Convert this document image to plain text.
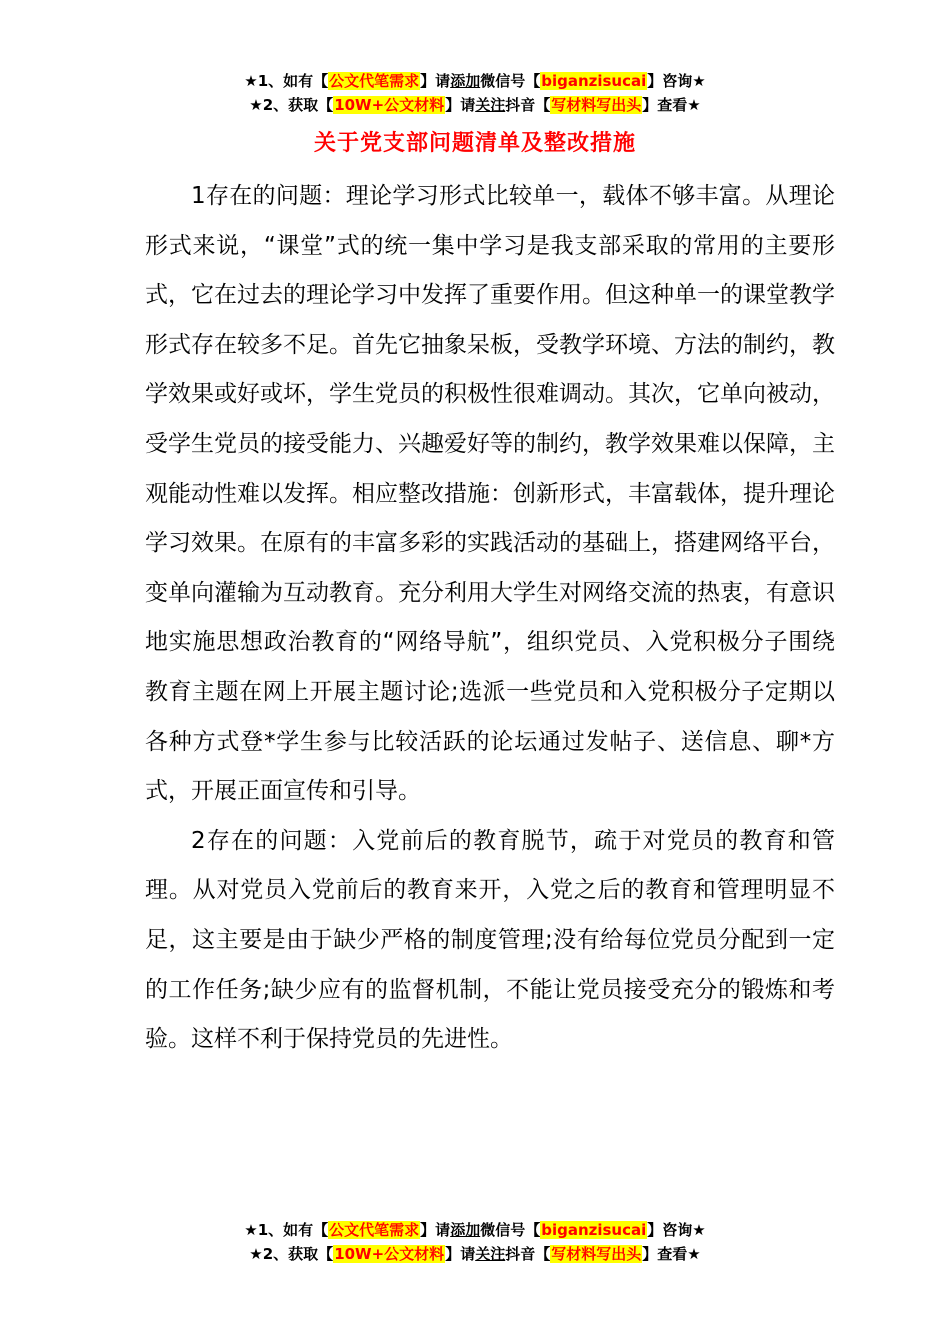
★1、如有【公文代笔需求】请添加微信号【biganzisucai】咨询★
★2、获取【10W+公文材料】请关注抖音【写材料写出头】查看★
关于党支部问题清单及整改措施

1存在的问题：理论学习形式比较单一，载体不够丰富。从理论形式来说，“课堂”式的统一集中学习是我支部采取的常用的主要形式，它在过去的理论学习中发挥了重要作用。但这种单一的课堂教学形式存在较多不足。首先它抽象呆板，受教学环境、方法的制约，教学效果或好或坏，学生党员的积极性很难调动。其次，它单向被动，受学生党员的接受能力、兴趣爱好等的制约，教学效果难以保障，主观能动性难以发挥。相应整改措施：创新形式，丰富载体，提升理论学习效果。在原有的丰富多彩的实践活动的基础上，搭建网络平台，变单向灌输为互动教育。充分利用大学生对网络交流的热衷，有意识地实施思想政治教育的“网络导航”，组织党员、入党积极分子围绕教育主题在网上开展主题讨论;选派一些党员和入党积极分子定期以各种方式登*学生参与比较活跃的论坛通过发帖子、送信息、聊*方式，开展正面宣传和引导。

2存在的问题：入党前后的教育脱节，疏于对党员的教育和管理。从对党员入党前后的教育来开，入党之后的教育和管理明显不足，这主要是由于缺少严格的制度管理;没有给每位党员分配到一定的工作任务;缺少应有的监督机制，不能让党员接受充分的锻炼和考验。这样不利于保持党员的先进性。

★1、如有【公文代笔需求】请添加微信号【biganzisucai】咨询★
★2、获取【10W+公文材料】请关注抖音【写材料写出头】查看★
